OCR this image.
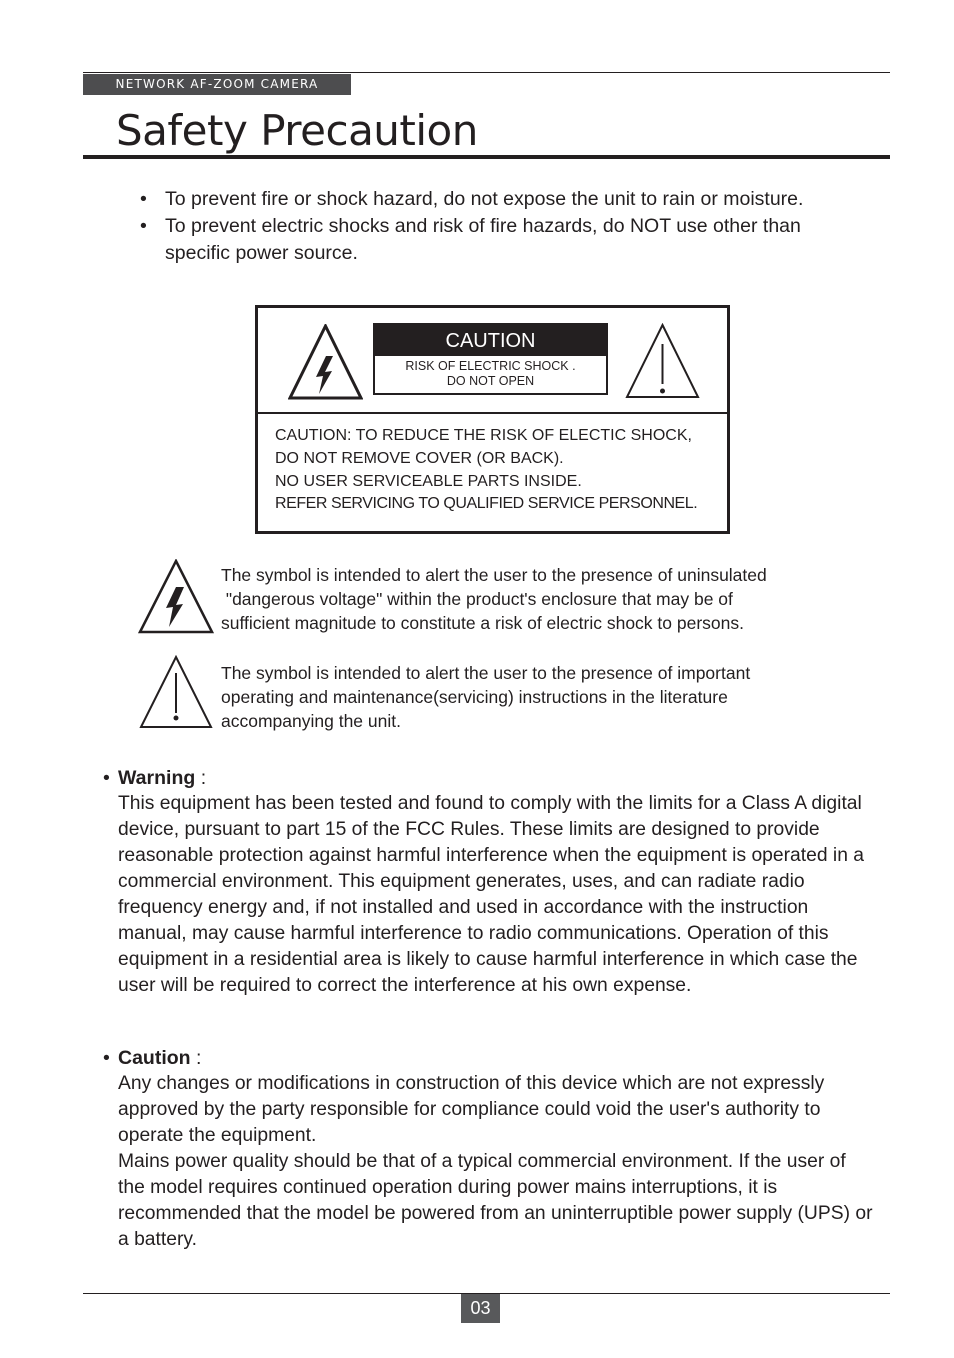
NETWORK AF-ZOOM CAMERA
Safety Precaution
• To prevent fire or shock hazard, do not expose the unit to rain or moisture.
• To prevent electric shocks and risk of fire hazards, do NOT use other than specific power source.
CAUTION
RISK OF ELECTRIC SHOCK .
DO NOT OPEN
CAUTION: TO REDUCE THE RISK OF ELECTIC SHOCK,
DO NOT REMOVE COVER (OR BACK).
NO USER SERVICEABLE PARTS INSIDE.
REFER SERVICING TO QUALIFIED SERVICE PERSONNEL.
The symbol is intended to alert the user to the presence of uninsulated
"dangerous voltage" within the product's enclosure that may be of
sufficient magnitude to constitute a risk of electric shock to persons.
The symbol is intended to alert the user to the presence of important
operating and maintenance(servicing) instructions in the literature
accompanying the unit.
• Warning :

This equipment has been tested and found to comply with the limits for a Class A digital device, pursuant to part 15 of the FCC Rules. These limits are designed to provide reasonable protection against harmful interference when the equipment is operated in a commercial environment. This equipment generates, uses, and can radiate radio frequency energy and, if not installed and used in accordance with the instruction manual, may cause harmful interference to radio communications. Operation of this equipment in a residential area is likely to cause harmful interference in which case the user will be required to correct the interference at his own expense.

• Caution :

Any changes or modifications in construction of this device which are not expressly approved by the party responsible for compliance could void the user's authority to operate the equipment.

Mains power quality should be that of a typical commercial environment. If the user of the model requires continued operation during power mains interruptions, it is recommended that the model be powered from an uninterruptible power supply (UPS) or a battery.

03
